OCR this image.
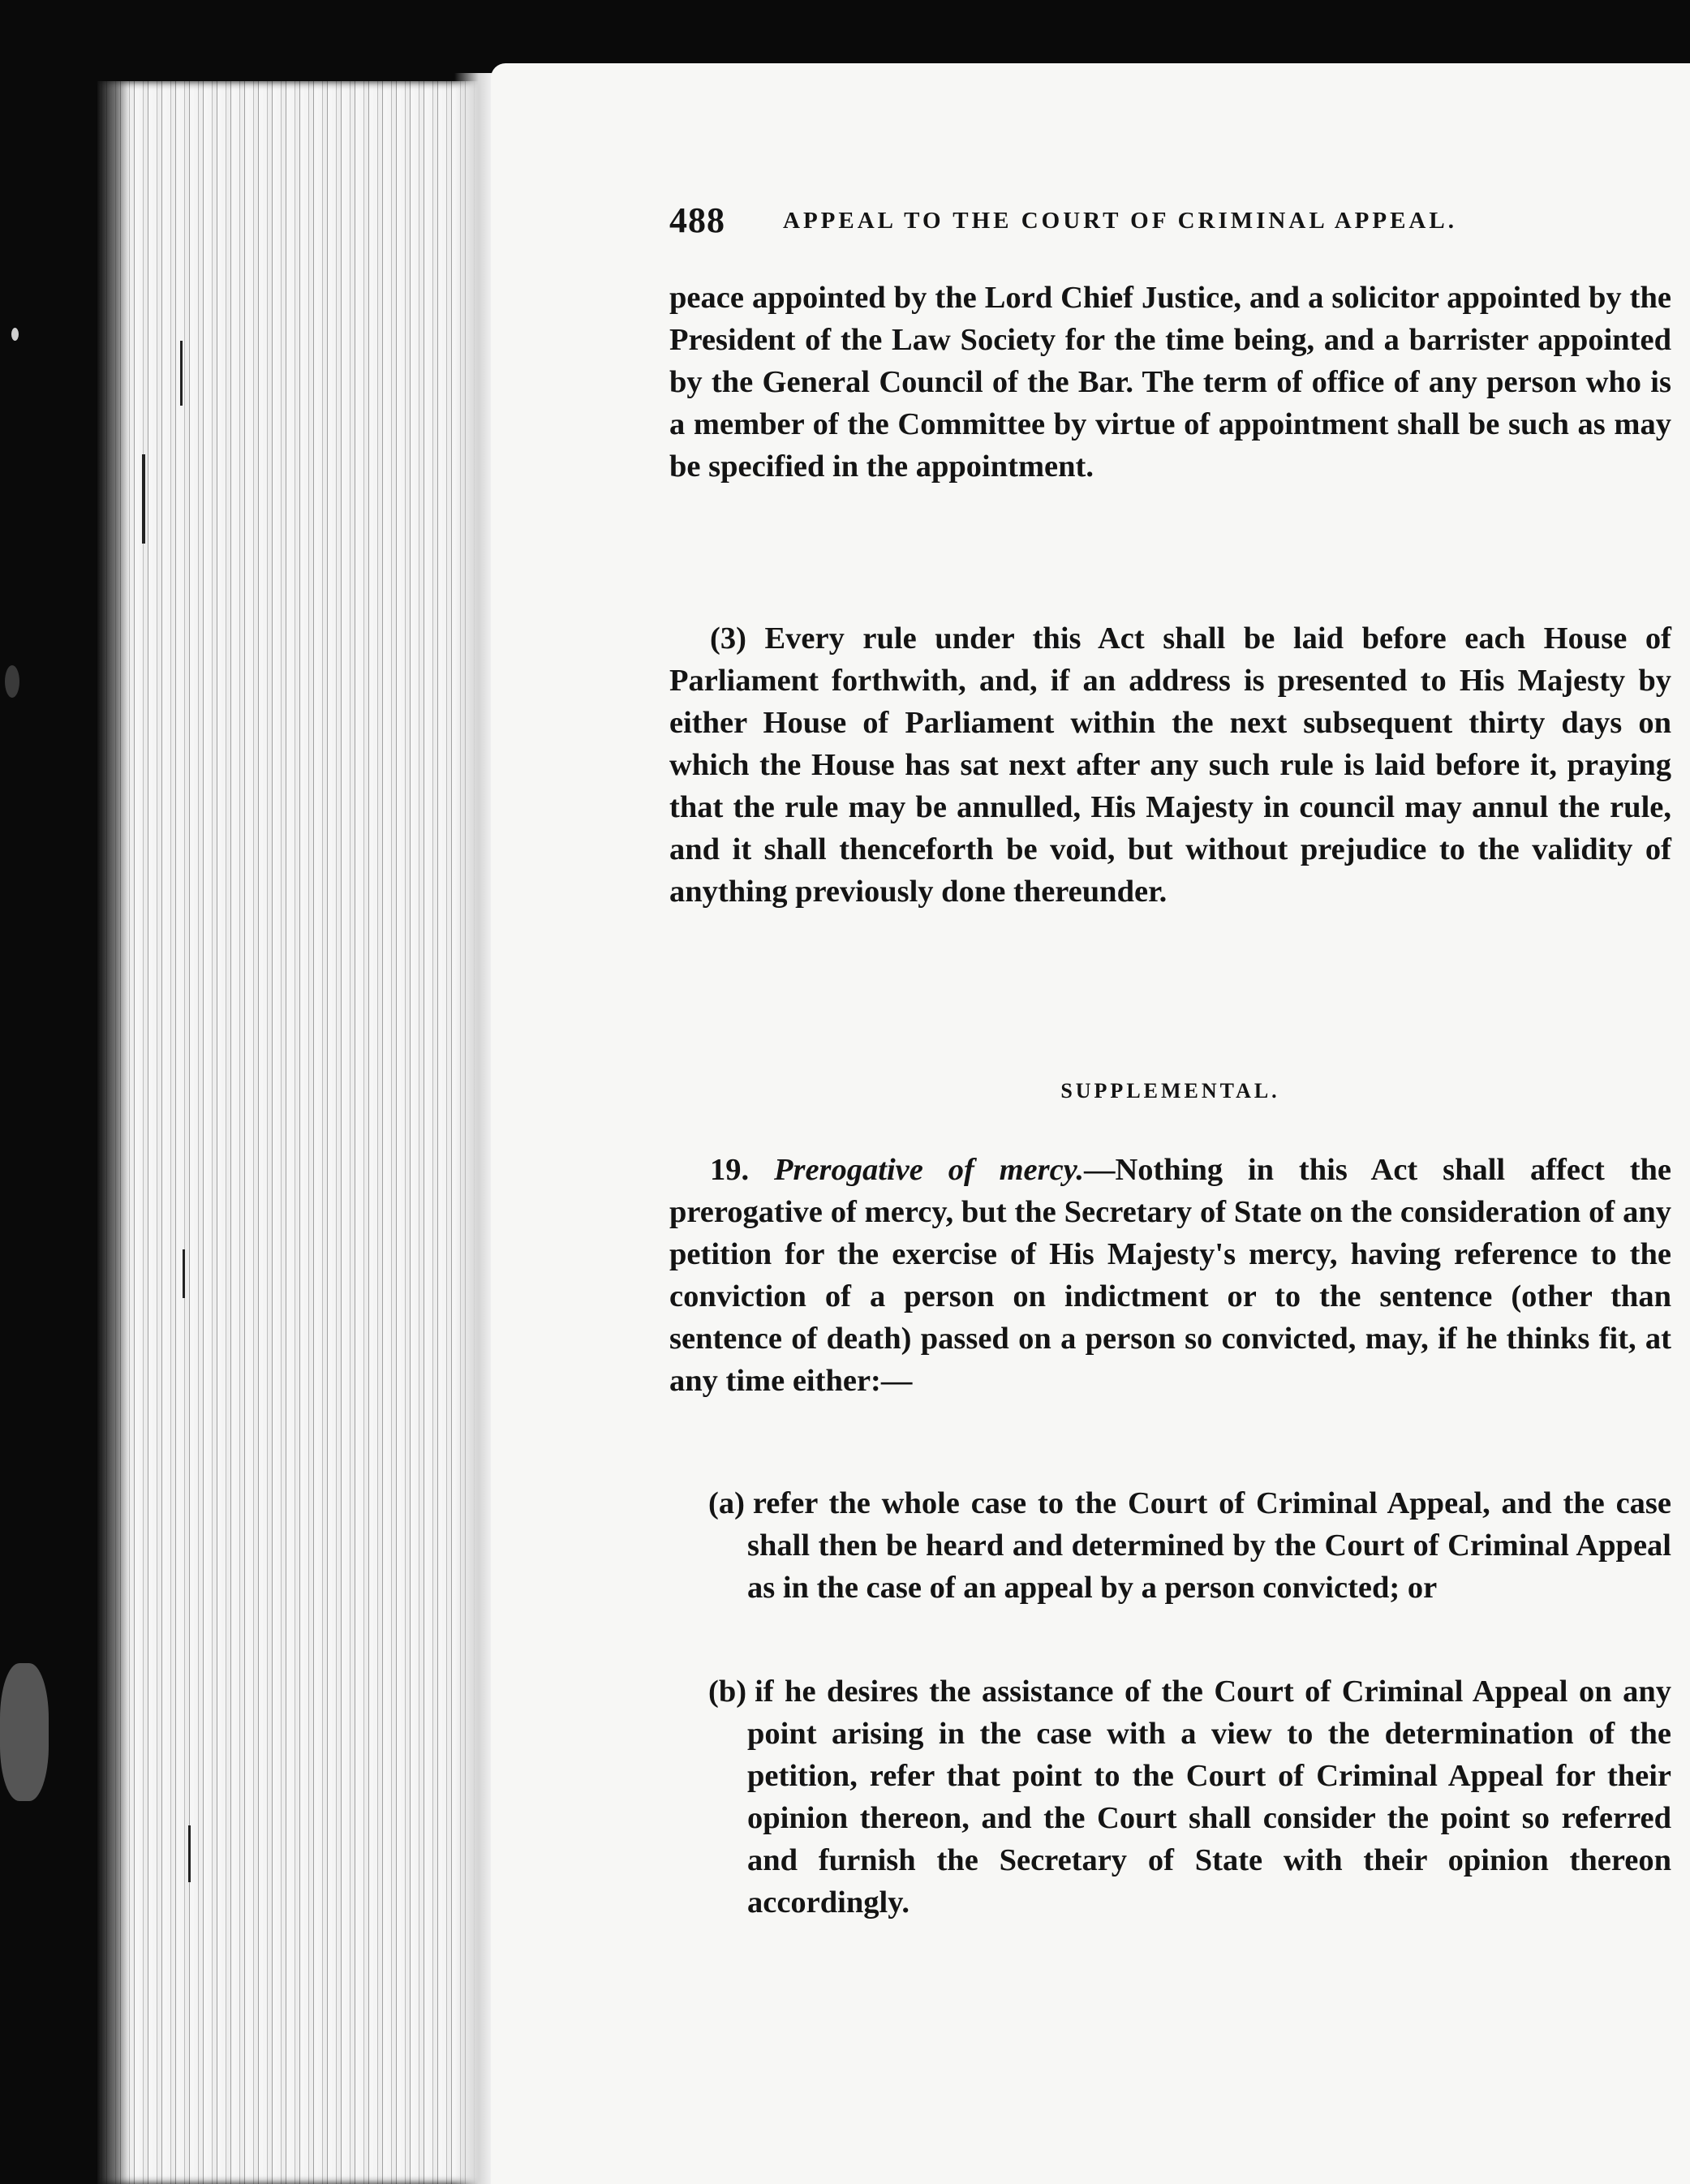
488 APPEAL TO THE COURT OF CRIMINAL APPEAL.
peace appointed by the Lord Chief Justice, and a solicitor appointed by the President of the Law Society for the time being, and a barrister appointed by the General Council of the Bar. The term of office of any person who is a member of the Committee by virtue of appointment shall be such as may be specified in the appointment.
(3) Every rule under this Act shall be laid before each House of Parliament forthwith, and, if an address is presented to His Majesty by either House of Parliament within the next subsequent thirty days on which the House has sat next after any such rule is laid before it, praying that the rule may be annulled, His Majesty in council may annul the rule, and it shall thenceforth be void, but without prejudice to the validity of anything previously done thereunder.
SUPPLEMENTAL.
19. Prerogative of mercy.—Nothing in this Act shall affect the prerogative of mercy, but the Secretary of State on the consideration of any petition for the exercise of His Majesty's mercy, having reference to the conviction of a person on indictment or to the sentence (other than sentence of death) passed on a person so convicted, may, if he thinks fit, at any time either:—
(a) refer the whole case to the Court of Criminal Appeal, and the case shall then be heard and determined by the Court of Criminal Appeal as in the case of an appeal by a person convicted; or
(b) if he desires the assistance of the Court of Criminal Appeal on any point arising in the case with a view to the determination of the petition, refer that point to the Court of Criminal Appeal for their opinion thereon, and the Court shall consider the point so referred and furnish the Secretary of State with their opinion thereon accordingly.
